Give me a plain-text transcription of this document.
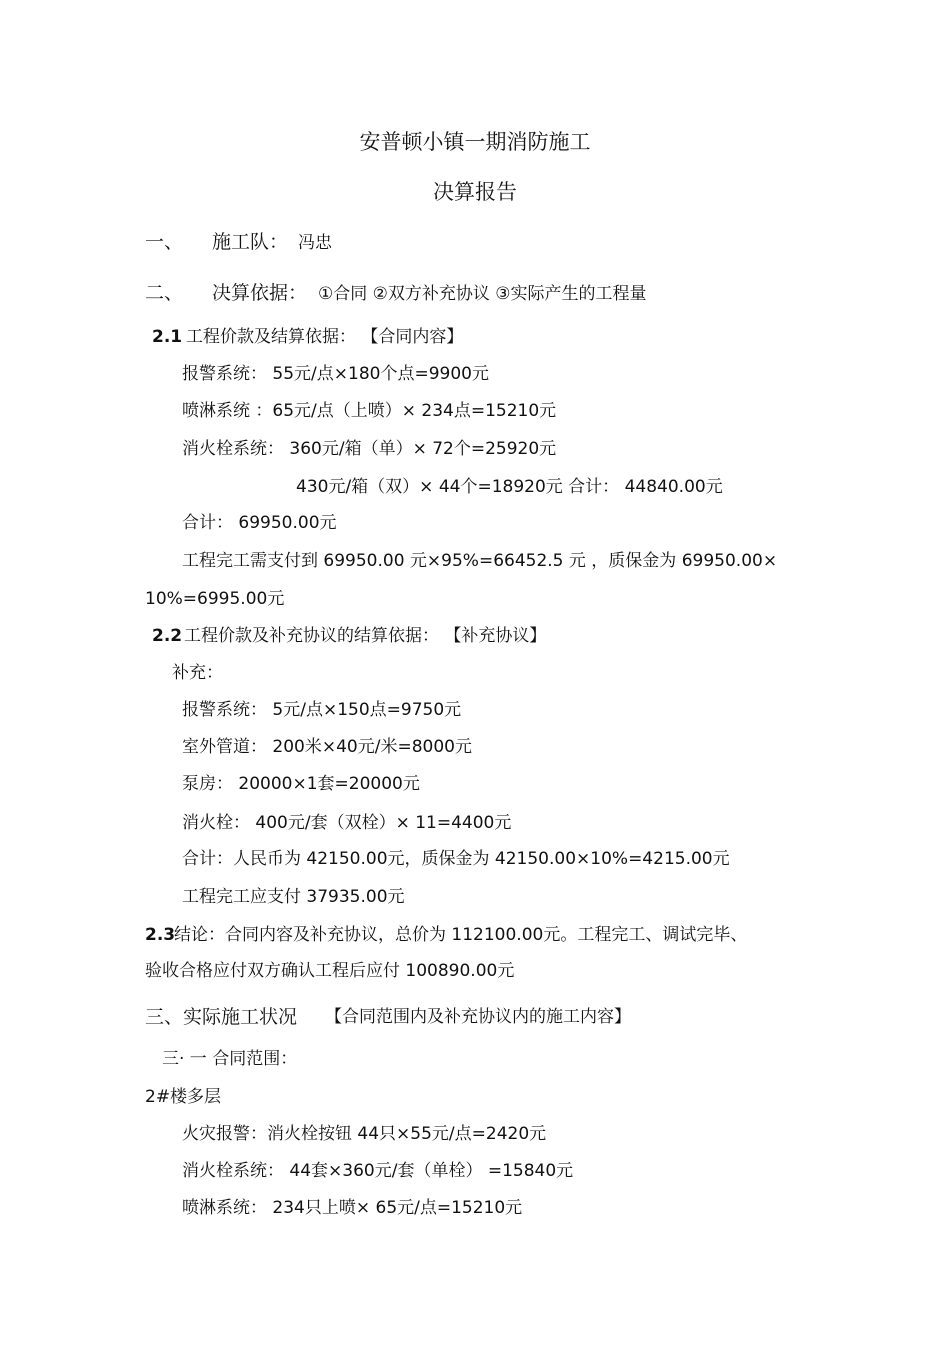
安普顿小镇一期消防施工
决算报告
一、 施工队： 冯忠
二、 决算依据： ①合同 ②双方补充协议 ③实际产生的工程量
2.1 工程价款及结算依据： 【合同内容】
报警系统： 55元/点×180个点=9900元
喷淋系统 ：65元/点（上喷）× 234点=15210元
消火栓系统： 360元/箱（单）× 72个=25920元
430元/箱（双）× 44个=18920元 合计： 44840.00元
合计： 69950.00元
工程完工需支付到 69950.00 元×95%=66452.5 元 ，质保金为 69950.00×
10%=6995.00元
2.2 工程价款及补充协议的结算依据： 【补充协议】
补充：
报警系统： 5元/点×150点=9750元
室外管道： 200米×40元/米=8000元
泵房： 20000×1套=20000元
消火栓： 400元/套（双栓）× 11=4400元
合计：人民币为 42150.00元，质保金为 42150.00×10%=4215.00元
工程完工应支付 37935.00元
2.3
结论：合同内容及补充协议，总价为 112100.00元。工程完工、调试完毕、
验收合格应付双方确认工程后应付 100890.00元
三、实际施工状况 【合同范围内及补充协议内的施工内容】
三· 一 合同范围：
2#楼多层
火灾报警：消火栓按钮 44只×55元/点=2420元
消火栓系统： 44套×360元/套（单栓） =15840元
喷淋系统： 234只上喷× 65元/点=15210元
